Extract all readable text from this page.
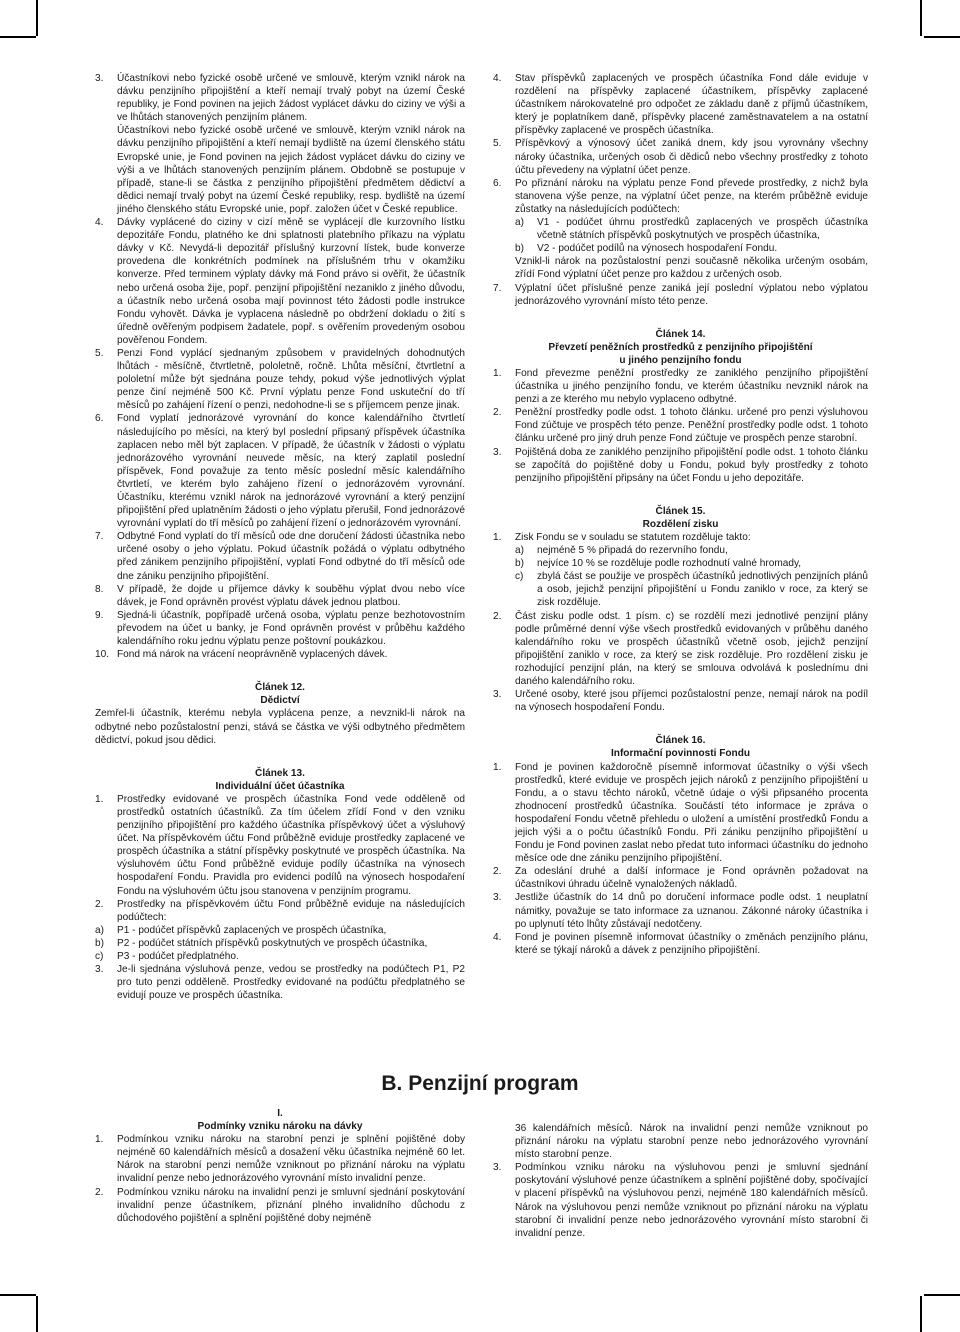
3.	Účastníkovi nebo fyzické osobě určené ve smlouvě, kterým vznikl nárok na dávku penzijního připojištění a kteří nemají trvalý pobyt na území České republiky, je Fond povinen na jejich žádost vyplácet dávku do ciziny ve výši a ve lhůtách stanovených penzijním plánem.

Účastníkovi nebo fyzické osobě určené ve smlouvě, kterým vznikl nárok na dávku penzijního připojištění a kteří nemají bydliště na území členského státu Evropské unie, je Fond povinen na jejich žádost vyplácet dávku do ciziny ve výši a ve lhůtách stanovených penzijním plánem. Obdobně se postupuje v případě, stane-li se částka z penzijního připojištění předmětem dědictví a dědici nemají trvalý pobyt na území České republiky, resp. bydliště na území jiného členského státu Evropské unie, popř. založen účet v České republice.

4.	Dávky vyplácené do ciziny v cizí měně se vyplácejí dle kurzovního lístku depozitáře Fondu, platného ke dni splatnosti platebního příkazu na výplatu dávky v Kč. Nevydá-li depozitář příslušný kurzovní lístek, bude konverze provedena dle konkrétních podmínek na příslušném trhu v okamžiku konverze. Před terminem výplaty dávky má Fond právo si ověřit, že účastník nebo určená osoba žije, popř. penzijní připojištění nezaniklo z jiného důvodu, a účastník nebo určená osoba mají povinnost této žádosti podle instrukce Fondu vyhovět. Dávka je vyplacena následně po obdržení dokladu o žití s úředně ověřeným podpisem žadatele, popř. s ověřením provedeným osobou pověřenou Fondem.

5.	Penzi Fond vyplácí sjednaným způsobem v pravidelných dohodnutých lhůtách - měsíčně, čtvrtletně, pololetně, ročně. Lhůta měsíční, čtvrtletní a pololetní může být sjednána pouze tehdy, pokud výše jednotlivých výplat penze činí nejméně 500 Kč. První výplatu penze Fond uskuteční do tří měsíců po zahájení řízení o penzi, nedohodne-li se s příjemcem penze jinak.

6.	Fond vyplatí jednorázové vyrovnání do konce kalendářního čtvrtletí následujícího po měsíci, na který byl poslední připsaný příspěvek účastníka zaplacen nebo měl být zaplacen. V případě, že účastník v žádosti o výplatu jednorázového vyrovnání neuvede měsíc, na který zaplatil poslední příspěvek, Fond považuje za tento měsíc poslední měsíc kalendářního čtvrtletí, ve kterém bylo zahájeno řízení o jednorázovém vyrovnání. Účastníku, kterému vznikl nárok na jednorázové vyrovnání a který penzijní připojištění před uplatněním žádosti o jeho výplatu přerušil, Fond jednorázové vyrovnání vyplatí do tří měsíců po zahájení řízení o jednorázovém vyrovnání.

7.	Odbytné Fond vyplatí do tří měsíců ode dne doručení žádosti účastníka nebo určené osoby o jeho výplatu. Pokud účastník požádá o výplatu odbytného před zánikem penzijního připojištění, vyplatí Fond odbytné do tří měsíců ode dne zániku penzijního připojištění.

8.	V případě, že dojde u příjemce dávky k souběhu výplat dvou nebo více dávek, je Fond oprávněn provést výplatu dávek jednou platbou.

9.	Sjedná-li účastník, popřípadě určená osoba, výplatu penze bezhotovostním převodem na účet u banky, je Fond oprávněn provést v průběhu každého kalendářního roku jednu výplatu penze poštovní poukázkou.

10. Fond má nárok na vrácení neoprávněně vyplacených dávek.

Článek 12.

Dědictví

Zemřel-li účastník, kterému nebyla vyplácena penze, a nevznikl-li nárok na odbytné nebo pozůstalostní penzi, stává se částka ve výši odbytného předmětem dědictví, pokud jsou dědici.

Článek 13.

Individuální účet účastníka

1.	Prostředky evidované ve prospěch účastníka Fond vede odděleně od prostředků ostatních účastníků. Za tím účelem zřídí Fond v den vzniku penzijního připojištění pro každého účastníka příspěvkový účet a výsluhový účet. Na příspěvkovém účtu Fond průběžně eviduje prostředky zaplacené ve prospěch účastníka a státní příspěvky poskytnuté ve prospěch účastníka. Na výsluhovém účtu Fond průběžně eviduje podíly účastníka na výnosech hospodaření Fondu. Pravidla pro evidenci podílů na výnosech hospodaření Fondu na výsluhovém účtu jsou stanovena v penzijním programu.

2.	Prostředky na příspěvkovém účtu Fond průběžně eviduje na následujících podúčtech:

a)	P1 - podúčet příspěvků zaplacených ve prospěch účastníka,
b)	P2 - podúčet státních příspěvků poskytnutých ve prospěch účastníka,
c)	P3 - podúčet předplatného.
3.	Je-li sjednána výsluhová penze, vedou se prostředky na podúčtech P1, P2 pro tuto penzi odděleně. Prostředky evidované na podúčtu předplatného se evidují pouze ve prospěch účastníka.

4.	Stav příspěvků zaplacených ve prospěch účastníka Fond dále eviduje v rozdělení na příspěvky zaplacené účastníkem, příspěvky zaplacené účastníkem nárokovatelné pro odpočet ze základu daně z příjmů účastníkem, který je poplatníkem daně, příspěvky placené zaměstnavatelem a na ostatní příspěvky zaplacené ve prospěch účastníka.

5.	Příspěvkový a výnosový účet zaniká dnem, kdy jsou vyrovnány všechny nároky účastníka, určených osob či dědiců nebo všechny prostředky z tohoto účtu převedeny na výplatní účet penze.

6.	Po přiznání nároku na výplatu penze Fond převede prostředky, z nichž byla stanovena výše penze, na výplatní účet penze, na kterém průběžně eviduje zůstatky na následujících podúčtech:

a)	V1 - podúčet úhrnu prostředků zaplacených ve prospěch účastníka včetně státních příspěvků poskytnutých ve prospěch účastníka,
b)	V2 - podúčet podílů na výnosech hospodaření Fondu.

Vznikl-li nárok na pozůstalostní penzi současně několika určeným osobám, zřídí Fond výplatní účet penze pro každou z určených osob.

7.	Výplatní účet příslušné penze zaniká její poslední výplatou nebo výplatou jednorázového vyrovnání místo této penze.

Článek 14.

Převzetí peněžních prostředků z penzijního připojištění

u jiného penzijního fondu

1.	Fond převezme peněžní prostředky ze zaniklého penzijního připojištění účastníka u jiného penzijního fondu, ve kterém účastníku nevznikl nárok na penzi a ze kterého mu nebylo vyplaceno odbytné.

2.	Peněžní prostředky podle odst. 1 tohoto článku. určené pro penzi výsluhovou Fond zúčtuje ve prospěch této penze. Peněžní prostředky podle odst. 1 tohoto článku určené pro jiný druh penze Fond zúčtuje ve prospěch penze starobní.

3.	Pojištěná doba ze zaniklého penzijního připojištění podle odst. 1 tohoto článku se započítá do pojištěné doby u Fondu, pokud byly prostředky z tohoto penzijního připojištění připsány na účet Fondu u jeho depozitáře.

Článek 15.

Rozdělení zisku

1.	Zisk Fondu se v souladu se statutem rozděluje takto:

a)	nejméně 5 % připadá do rezervního fondu,
b)	nejvíce 10 % se rozděluje podle rozhodnutí valné hromady,
c)	zbylá část se použije ve prospěch účastníků jednotlivých penzijních plánů a osob, jejichž penzijní připojištění u Fondu zaniklo v roce, za který se zisk rozděluje.
2.	Část zisku podle odst. 1 písm. c) se rozdělí mezi jednotlivé penzijní plány podle průměrné denní výše všech prostředků evidovaných v průběhu daného kalendářního roku ve prospěch účastníků včetně osob, jejichž penzijní připojištění zaniklo v roce, za který se zisk rozděluje. Pro rozdělení zisku je rozhodující penzijní plán, na který se smlouva odvolává k poslednímu dni daného kalendářního roku.

3.	Určené osoby, které jsou příjemci pozůstalostní penze, nemají nárok na podíl na výnosech hospodaření Fondu.

Článek 16.

Informační povinnosti Fondu

1.	Fond je povinen každoročně písemně informovat účastníky o výši všech prostředků, které eviduje ve prospěch jejich nároků z penzijního připojištění u Fondu, a o stavu těchto nároků, včetně údaje o výši připsaného procenta zhodnocení prostředků účastníka. Součástí této informace je zpráva o hospodaření Fondu včetně přehledu o uložení a umístění prostředků Fondu a jejich výši a o počtu účastníků Fondu. Při zániku penzijního připojištění u Fondu je Fond povinen zaslat nebo předat tuto informaci účastníku do jednoho měsíce ode dne zániku penzijního připojištění.

2.	Za odeslání druhé a další informace je Fond oprávněn požadovat na účastníkovi úhradu účelně vynaložených nákladů.

3.	Jestliže účastník do 14 dnů po doručení informace podle odst. 1 neuplatní námitky, považuje se tato informace za uznanou. Zákonné nároky účastníka i po uplynutí této lhůty zůstávají nedotčeny.

4.	Fond je povinen písemně informovat účastníky o změnách penzijního plánu, které se týkají nároků a dávek z penzijního připojištění.

B. Penzijní program

I.

Podmínky vzniku nároku na dávky

1.	Podmínkou vzniku nároku na starobní penzi je splnění pojištěné doby nejméně 60 kalendářních měsíců a dosažení věku účastníka nejméně 60 let. Nárok na starobní penzi nemůže vzniknout po přiznání nároku na výplatu invalidní penze nebo jednorázového vyrovnání místo invalidní penze.

2.	Podmínkou vzniku nároku na invalidní penzi je smluvní sjednání poskytování invalidní penze účastníkem, přiznání plného invalidního důchodu z důchodového pojištění a splnění pojištěné doby nejméně

36 kalendářních měsíců. Nárok na invalidní penzi nemůže vzniknout po přiznání nároku na výplatu starobní penze nebo jednorázového vyrovnání místo starobní penze.

3.	Podmínkou vzniku nároku na výsluhovou penzi je smluvní sjednání poskytování výsluhové penze účastníkem a splnění pojištěné doby, spočívající v placení příspěvků na výsluhovou penzi, nejméně 180 kalendářních měsíců. Nárok na výsluhovou penzi nemůže vzniknout po přiznání nároku na výplatu starobní či invalidní penze nebo jednorázového vyrovnání místo starobní či invalidní penze.
